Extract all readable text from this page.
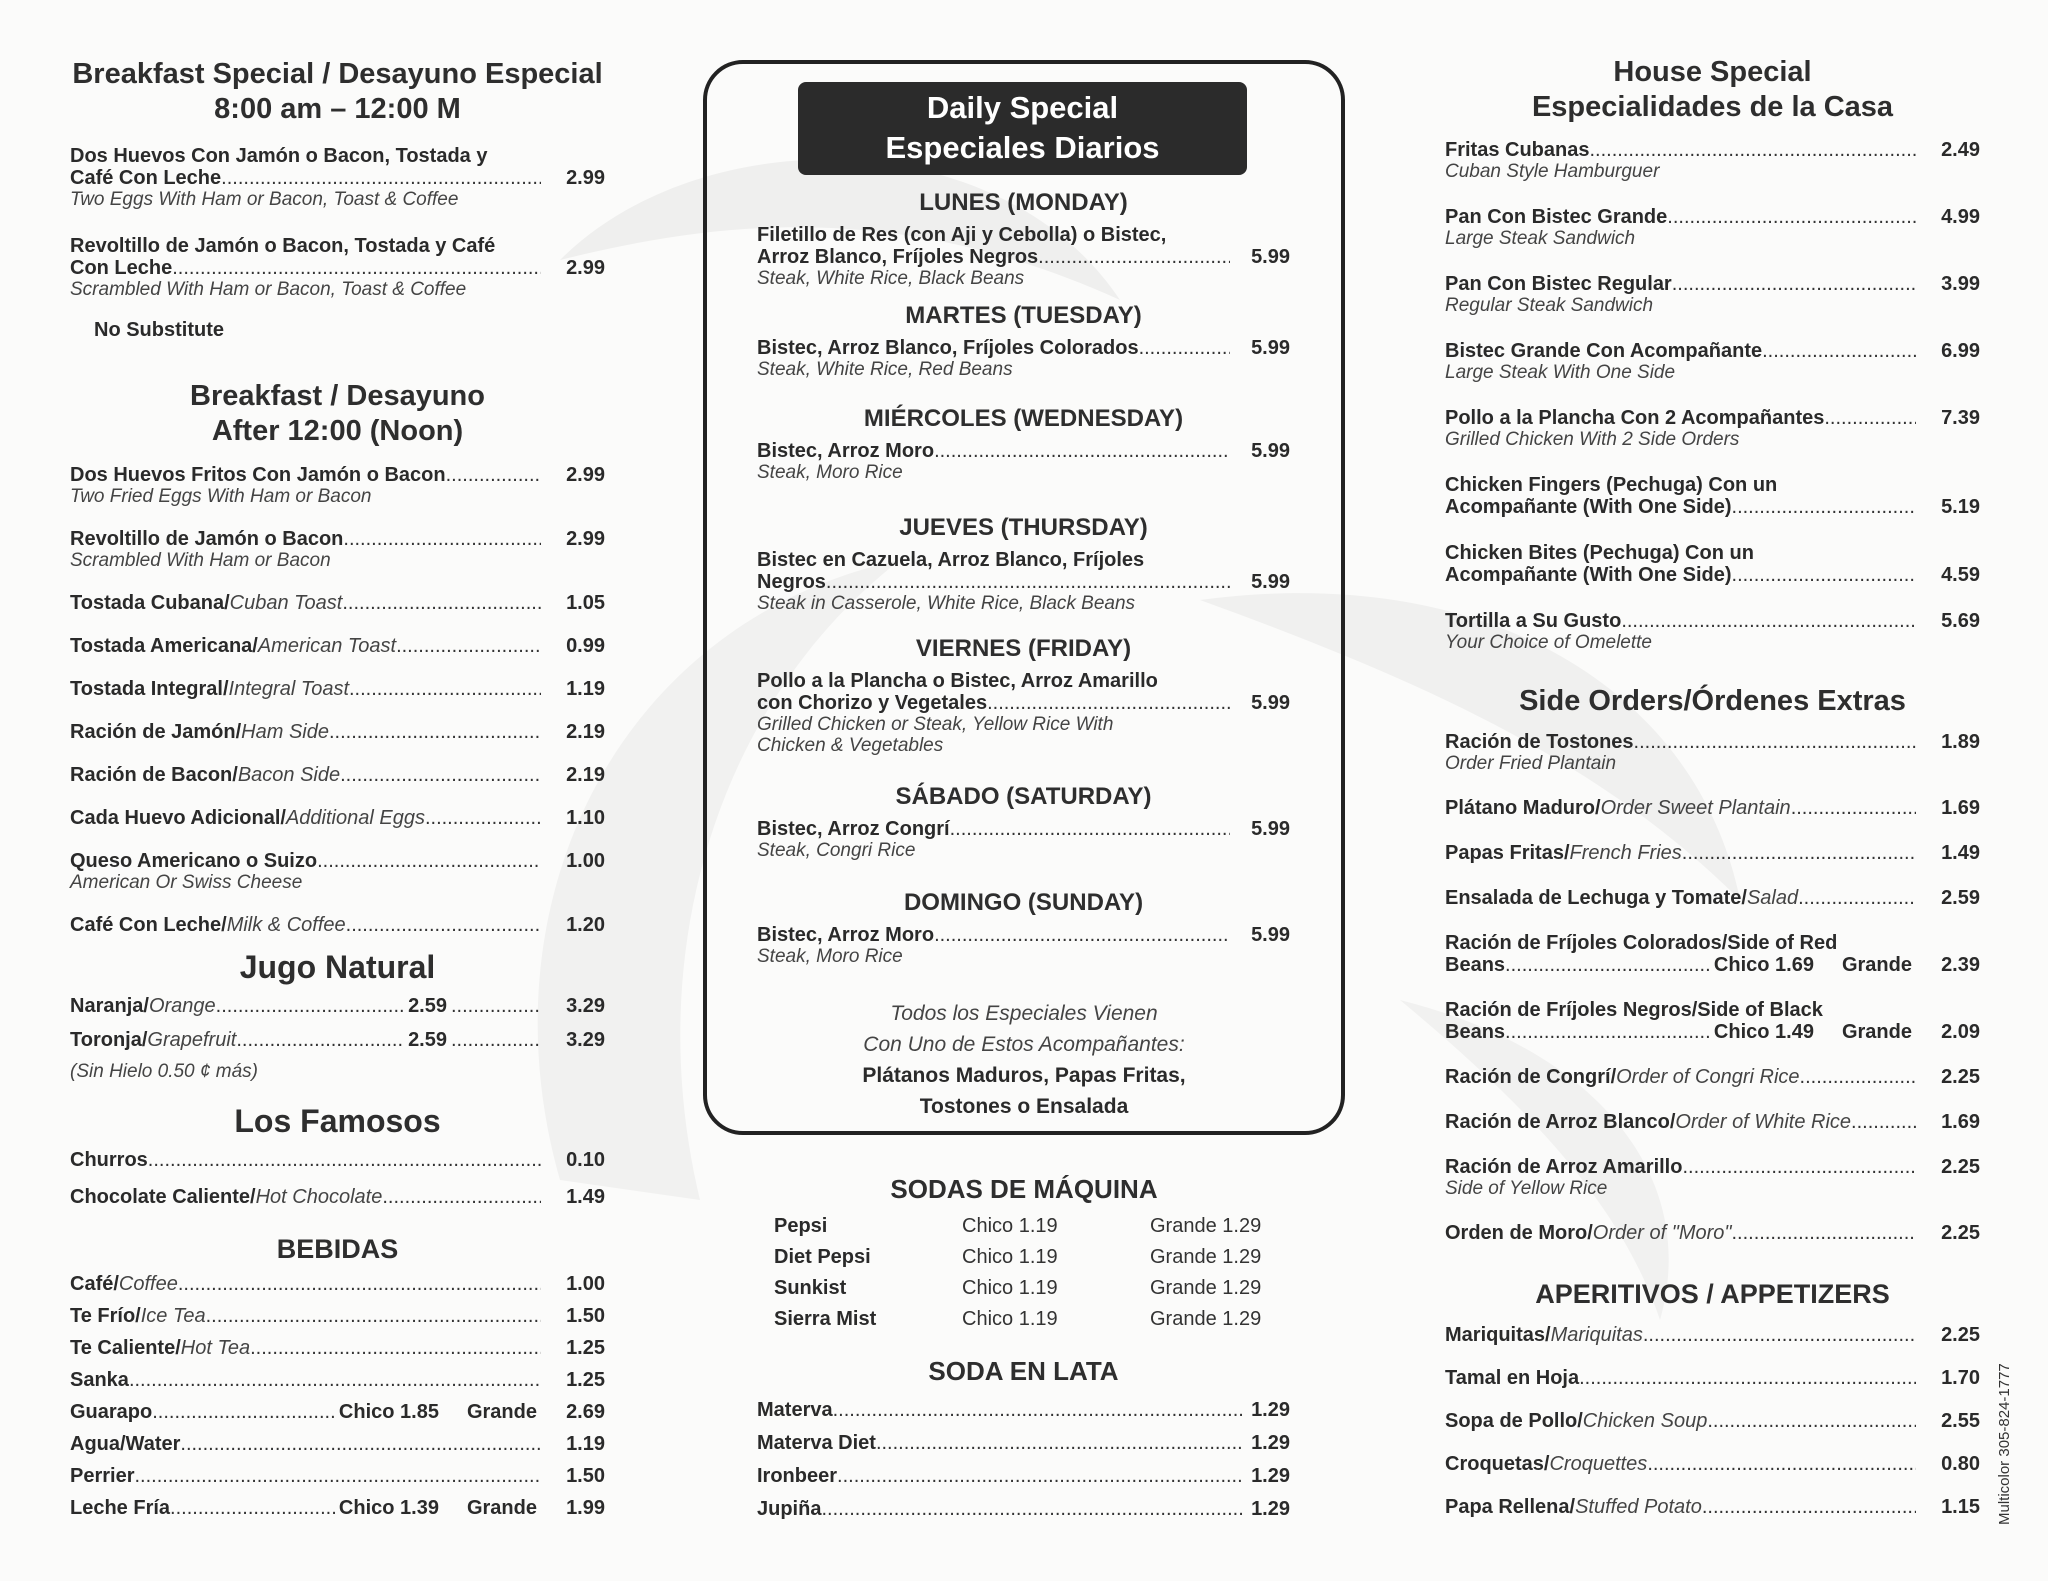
Breakfast Special / Desayuno Especial
8:00 am – 12:00 M
Dos Huevos Con Jamón o Bacon, Tostada y
Café Con Leche .....	2.99
Two Eggs With Ham or Bacon, Toast & Coffee
Revoltillo de Jamón o Bacon, Tostada y Café
Con Leche .....	2.99
Scrambled With Ham or Bacon, Toast & Coffee
No Substitute
Breakfast / Desayuno
After 12:00 (Noon)
Dos Huevos Fritos Con Jamón o Bacon .....	2.99
Two Fried Eggs With Ham or Bacon
Revoltillo de Jamón o Bacon .....	2.99
Scrambled With Ham or Bacon
Tostada Cubana/ Cuban Toast .....	1.05
Tostada Americana/ American Toast .....	0.99
Tostada Integral/ Integral Toast .....	1.19
Ración de Jamón/ Ham Side .....	2.19
Ración de Bacon/ Bacon Side .....	2.19
Cada Huevo Adicional/ Additional Eggs .....	1.10
Queso Americano o Suizo .....	1.00
American Or Swiss Cheese
Café Con Leche/ Milk & Coffee .....	1.20
Jugo Natural
Naranja/ Orange .....	2.59 .....	3.29
Toronja/ Grapefruit .....	2.59 .....	3.29
(Sin Hielo 0.50 ¢ más)
Los Famosos
Churros .....	0.10
Chocolate Caliente/ Hot Chocolate .....	1.49
BEBIDAS
Café/ Coffee .....	1.00
Te Frío/ Ice Tea .....	1.50
Te Caliente/ Hot Tea .....	1.25
Sanka .....	1.25
Guarapo .....	Chico 1.85 Grande	2.69
Agua/Water .....	1.19
Perrier .....	1.50
Leche Fría .....	Chico 1.39 Grande	1.99
Daily Special
Especiales Diarios
LUNES (MONDAY)
Filetillo de Res (con Aji y Cebolla) o Bistec,
Arroz Blanco, Fríjoles Negros .....	5.99
Steak, White Rice, Black Beans
MARTES (TUESDAY)
Bistec, Arroz Blanco, Fríjoles Colorados .....	5.99
Steak, White Rice, Red Beans
MIÉRCOLES (WEDNESDAY)
Bistec, Arroz Moro .....	5.99
Steak, Moro Rice
JUEVES (THURSDAY)
Bistec en Cazuela, Arroz Blanco, Fríjoles
Negros .....	5.99
Steak in Casserole, White Rice, Black Beans
VIERNES (FRIDAY)
Pollo a la Plancha o Bistec, Arroz Amarillo
con Chorizo y Vegetales .....	5.99
Grilled Chicken or Steak, Yellow Rice With
Chicken & Vegetables
SÁBADO (SATURDAY)
Bistec, Arroz Congrí .....	5.99
Steak, Congri Rice
DOMINGO (SUNDAY)
Bistec, Arroz Moro .....	5.99
Steak, Moro Rice
Todos los Especiales Vienen
Con Uno de Estos Acompañantes:
Plátanos Maduros, Papas Fritas,
Tostones o Ensalada
SODAS DE MÁQUINA
Pepsi	Chico 1.19	Grande 1.29
Diet Pepsi	Chico 1.19	Grande 1.29
Sunkist	Chico 1.19	Grande 1.29
Sierra Mist	Chico 1.19	Grande 1.29
SODA EN LATA
Materva .....	1.29
Materva Diet .....	1.29
Ironbeer .....	1.29
Jupiña .....	1.29
House Special
Especialidades de la Casa
Fritas Cubanas .....	2.49
Cuban Style Hamburguer
Pan Con Bistec Grande .....	4.99
Large Steak Sandwich
Pan Con Bistec Regular .....	3.99
Regular Steak Sandwich
Bistec Grande Con Acompañante .....	6.99
Large Steak With One Side
Pollo a la Plancha Con 2 Acompañantes .....	7.39
Grilled Chicken With 2 Side Orders
Chicken Fingers (Pechuga) Con un
Acompañante (With One Side) .....	5.19
Chicken Bites (Pechuga) Con un
Acompañante (With One Side) .....	4.59
Tortilla a Su Gusto .....	5.69
Your Choice of Omelette
Side Orders/Órdenes Extras
Ración de Tostones .....	1.89
Order Fried Plantain
Plátano Maduro/ Order Sweet Plantain .....	1.69
Papas Fritas/ French Fries .....	1.49
Ensalada de Lechuga y Tomate/ Salad .....	2.59
Ración de Fríjoles Colorados/Side of Red
Beans .....	Chico 1.69 Grande	2.39
Ración de Fríjoles Negros/Side of Black
Beans .....	Chico 1.49 Grande	2.09
Ración de Congrí/ Order of Congri Rice .....	2.25
Ración de Arroz Blanco/ Order of White Rice .....	1.69
Ración de Arroz Amarillo .....	2.25
Side of Yellow Rice
Orden de Moro/ Order of "Moro" .....	2.25
APERITIVOS / APPETIZERS
Mariquitas/ Mariquitas .....	2.25
Tamal en Hoja .....	1.70
Sopa de Pollo/ Chicken Soup .....	2.55
Croquetas/ Croquettes .....	0.80
Papa Rellena/ Stuffed Potato .....	1.15 Multicolor 305-824-1777
